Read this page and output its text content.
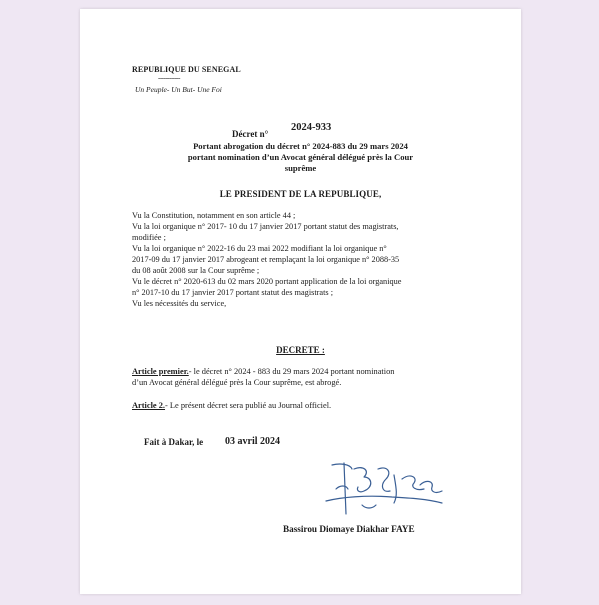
REPUBLIQUE DU SENEGAL
------------
Un Peuple- Un But- Une Foi
Décret n°
2024-933
Portant abrogation du décret n° 2024-883 du 29 mars 2024
portant nomination d’un Avocat général délégué près la Cour
suprême
LE PRESIDENT DE LA REPUBLIQUE,
Vu la Constitution, notamment en son article 44 ;
Vu la loi organique n° 2017- 10 du 17 janvier 2017 portant statut des magistrats,
modifiée ;
Vu la loi organique n° 2022-16 du 23 mai 2022 modifiant la loi organique n°
2017-09 du 17 janvier 2017 abrogeant et remplaçant la loi organique n° 2088-35
du 08 août 2008 sur la Cour suprême ;
Vu le décret n° 2020-613 du 02 mars 2020 portant application de la loi organique
n° 2017-10 du 17 janvier 2017 portant statut des magistrats ;
Vu les nécessités du service,
DECRETE :
Article premier.- le décret n° 2024 - 883 du 29 mars 2024 portant nomination
d’un Avocat général délégué près la Cour suprême, est abrogé.
Article 2.- Le présent décret sera publié au Journal officiel.
Fait à Dakar, le 03 avril 2024
Bassirou Diomaye Diakhar FAYE
